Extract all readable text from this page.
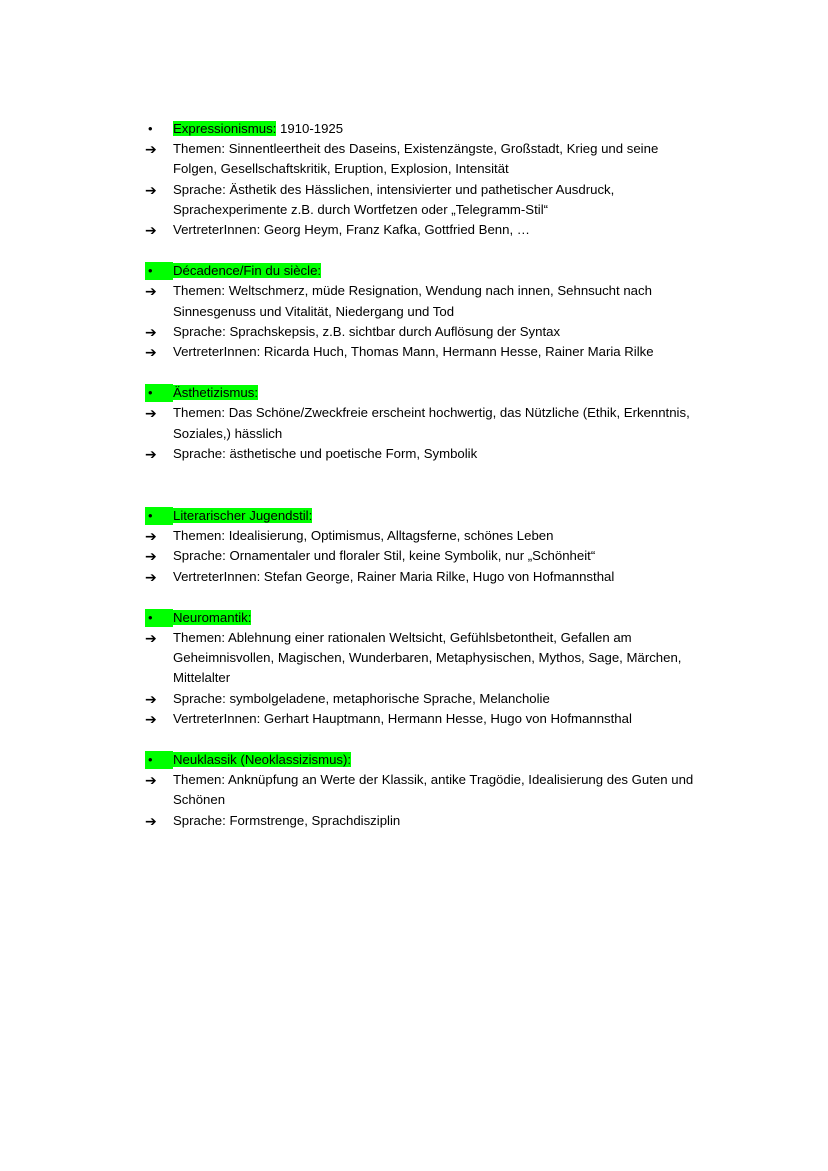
•	Expressionismus: 1910-1925
➔	Themen: Sinnentleertheit des Daseins, Existenzängste, Großstadt, Krieg und seine
Folgen, Gesellschaftskritik, Eruption, Explosion, Intensität
➔	Sprache: Ästhetik des Hässlichen, intensivierter und pathetischer Ausdruck,
Sprachexperimente z.B. durch Wortfetzen oder „Telegramm-Stil“
➔	VertreterInnen: Georg Heym, Franz Kafka, Gottfried Benn, …
•	Décadence/Fin du siècle:
➔	Themen: Weltschmerz, müde Resignation, Wendung nach innen, Sehnsucht nach
Sinnesgenuss und Vitalität, Niedergang und Tod
➔	Sprache: Sprachskepsis, z.B. sichtbar durch Auflösung der Syntax
➔	VertreterInnen: Ricarda Huch, Thomas Mann, Hermann Hesse, Rainer Maria Rilke
•	Ästhetizismus:
➔	Themen: Das Schöne/Zweckfreie erscheint hochwertig, das Nützliche (Ethik, Erkenntnis,
Soziales,) hässlich
➔	Sprache: ästhetische und poetische Form, Symbolik
•	Literarischer Jugendstil:
➔	Themen: Idealisierung, Optimismus, Alltagsferne, schönes Leben
➔	Sprache: Ornamentaler und floraler Stil, keine Symbolik, nur „Schönheit“
➔	VertreterInnen: Stefan George, Rainer Maria Rilke, Hugo von Hofmannsthal
•	Neuromantik:
➔	Themen: Ablehnung einer rationalen Weltsicht, Gefühlsbetontheit, Gefallen am
Geheimnisvollen, Magischen, Wunderbaren, Metaphysischen, Mythos, Sage, Märchen,
Mittelalter
➔	Sprache: symbolgeladene, metaphorische Sprache, Melancholie
➔	VertreterInnen: Gerhart Hauptmann, Hermann Hesse, Hugo von Hofmannsthal
•	Neuklassik (Neoklassizismus):
➔	Themen: Anknüpfung an Werte der Klassik, antike Tragödie, Idealisierung des Guten und
Schönen
➔	Sprache: Formstrenge, Sprachdisziplin
